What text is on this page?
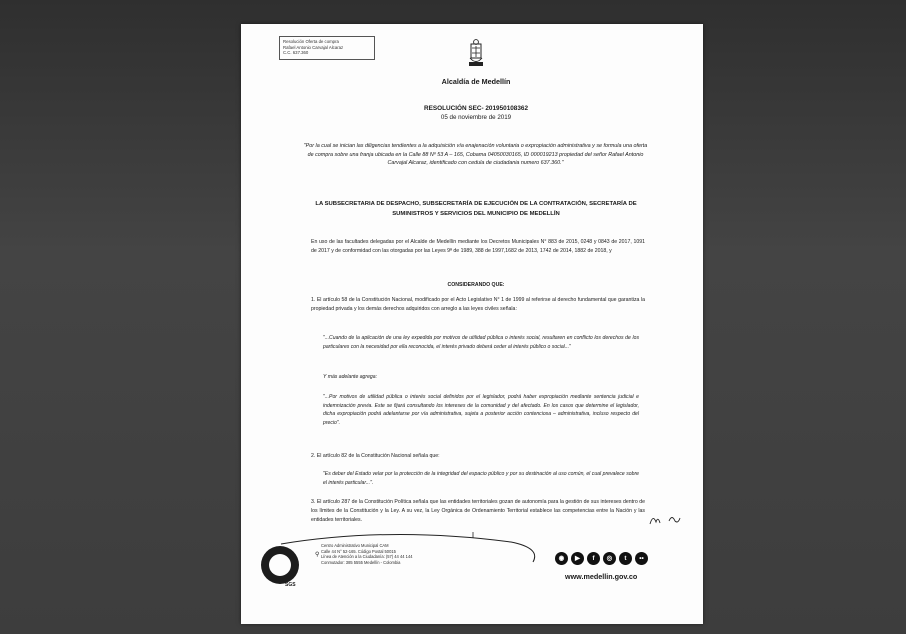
Resolución Oferta de compra
Rafael Antonio Carvajal Alcaraz
C.C. 637.360
Alcaldía de Medellín
RESOLUCIÓN SEC- 201950108362
05 de noviembre de 2019

"Por la cual se inician las diligencias tendientes a la adquisición vía enajenación voluntaria o expropiación administrativa y se formula una oferta de compra sobre una franja ubicada en la Calle 88 Nº 53 A – 165, Cobama 04050030165, ID 000019213 propiedad del señor Rafael Antonio Carvajal Alcaraz, identificado con cedula de ciudadania numero 637.360."

LA SUBSECRETARIA DE DESPACHO, SUBSECRETARÍA DE EJECUCIÓN DE LA CONTRATACIÓN, SECRETARÍA DE SUMINISTROS Y SERVICIOS DEL MUNICIPIO DE MEDELLÍN

En uso de las facultades delegadas por el Alcalde de Medellín mediante los Decretos Municipales N° 883 de 2015, 0248 y 0843 de 2017, 1091 de 2017 y de conformidad con las otorgadas por las Leyes 9ª de 1989, 388 de 1997,1682 de 2013, 1742 de 2014, 1882 de 2018, y

CONSIDERANDO QUE:

1. El artículo 58 de la Constitución Nacional, modificado por el Acto Legislativo N° 1 de 1999 al referirse al derecho fundamental que garantiza la propiedad privada y los demás derechos adquiridos con arreglo a las leyes civiles señala:

"...Cuando de la aplicación de una ley expedida por motivos de utilidad pública o interés social, resultaren en conflicto los derechos de los particulares con la necesidad por ella reconocida, el interés privado deberá ceder al interés público o social..."

Y más adelante agrega:

"...Por motivos de utilidad pública o interés social definidos por el legislador, podrá haber expropiación mediante sentencia judicial e indemnización previa. Este se fijará consultando los intereses de la comunidad y del afectado. En los casos que determine el legislador, dicha expropiación podrá adelantarse por vía administrativa, sujeta a posterior acción contenciosa – administrativa, incluso respecto del precio".

2. El artículo 82 de la Constitución Nacional señala que:

"Es deber del Estado velar por la protección de la integridad del espacio público y por su destinación al uso común, el cual prevalece sobre el interés particular...".

3. El artículo 287 de la Constitución Política señala que las entidades territoriales gozan de autonomía para la gestión de sus intereses dentro de los límites de la Constitución y la Ley. A su vez, la Ley Orgánica de Ordenamiento Territorial establece las competencias entre la Nación y las entidades territoriales.

SGS
⚲
Centro Administrativo Municipal CAM
Calle 44 N° 52-165. Código Postal 50015
Línea de Atención a la Ciudadanía: (57) 44 44 144
Conmutador: 385 5555 Medellín - Colombia
◉	▶	f	◎	t	••
www.medellin.gov.co
